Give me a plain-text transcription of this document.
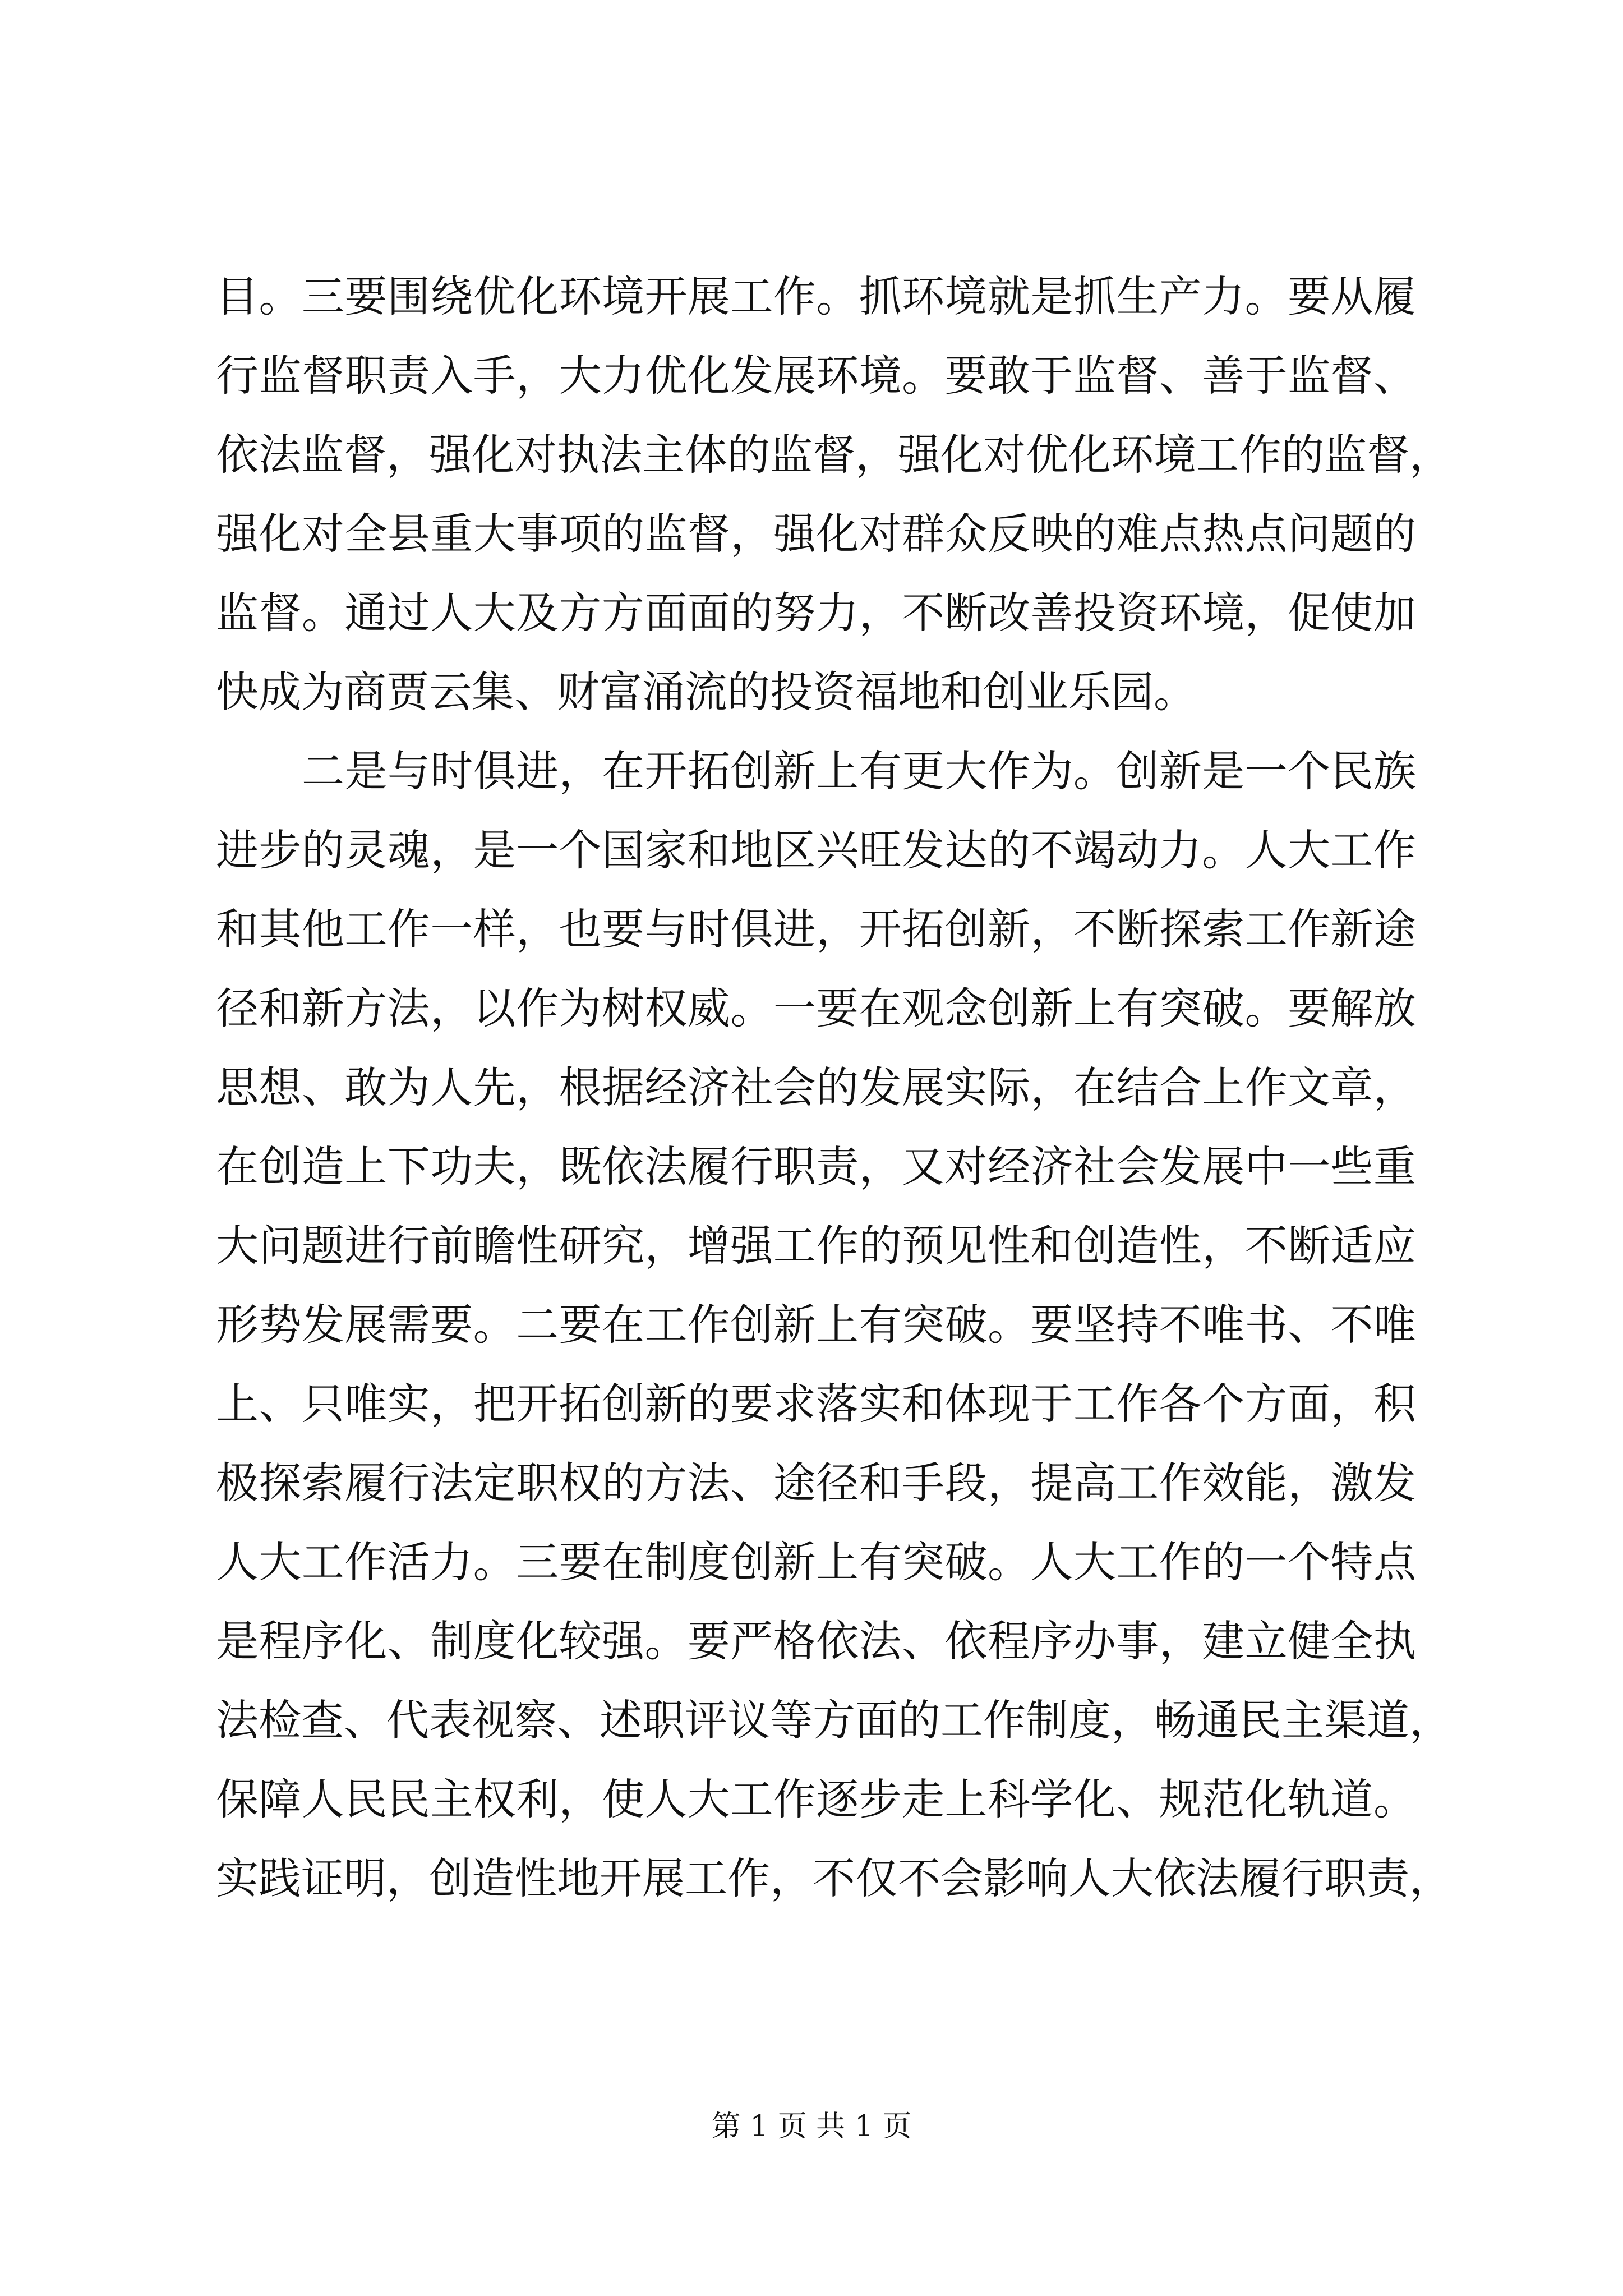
目。三要围绕优化环境开展工作。抓环境就是抓生产力。要从履
行监督职责入手，大力优化发展环境。要敢于监督、善于监督、
依法监督，强化对执法主体的监督，强化对优化环境工作的监督，
强化对全县重大事项的监督，强化对群众反映的难点热点问题的
监督。通过人大及方方面面的努力，不断改善投资环境，促使加
快成为商贾云集、财富涌流的投资福地和创业乐园。
二是与时俱进，在开拓创新上有更大作为。创新是一个民族
进步的灵魂，是一个国家和地区兴旺发达的不竭动力。人大工作
和其他工作一样，也要与时俱进，开拓创新，不断探索工作新途
径和新方法，以作为树权威。一要在观念创新上有突破。要解放
思想、敢为人先，根据经济社会的发展实际，在结合上作文章，
在创造上下功夫，既依法履行职责，又对经济社会发展中一些重
大问题进行前瞻性研究，增强工作的预见性和创造性，不断适应
形势发展需要。二要在工作创新上有突破。要坚持不唯书、不唯
上、只唯实，把开拓创新的要求落实和体现于工作各个方面，积
极探索履行法定职权的方法、途径和手段，提高工作效能，激发
人大工作活力。三要在制度创新上有突破。人大工作的一个特点
是程序化、制度化较强。要严格依法、依程序办事，建立健全执
法检查、代表视察、述职评议等方面的工作制度，畅通民主渠道，
保障人民民主权利，使人大工作逐步走上科学化、规范化轨道。
实践证明，创造性地开展工作，不仅不会影响人大依法履行职责，
第 1 页 共 1 页
